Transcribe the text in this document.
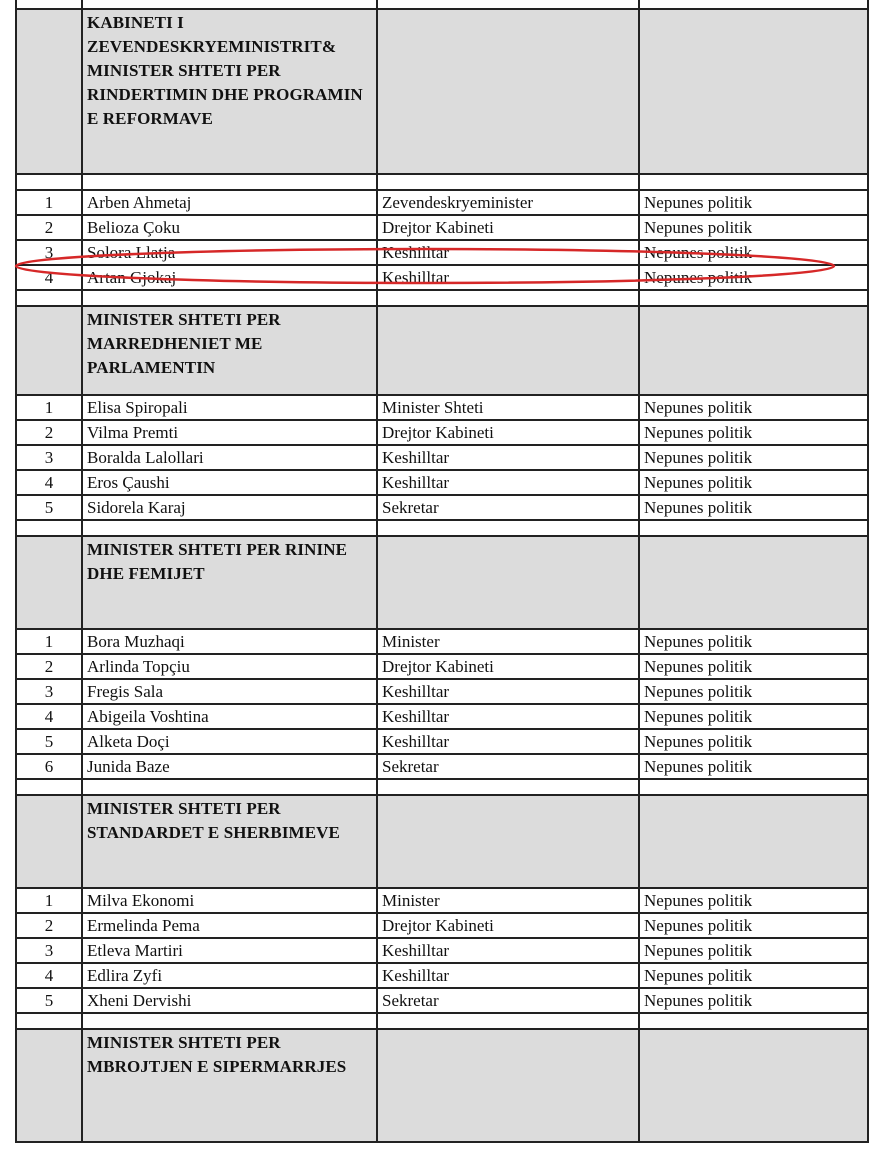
	KABINETI I ZEVENDESKRYEMINISTRIT& MINISTER SHTETI PER RINDERTIMIN DHE PROGRAMIN E REFORMAVE		

1	Arben Ahmetaj	Zevendeskryeminister	Nepunes politik
2	Belioza Çoku	Drejtor Kabineti	Nepunes politik
3	Solora Llatja	Keshilltar	Nepunes politik
4	Artan Gjokaj	Keshilltar	Nepunes politik

	MINISTER SHTETI PER MARREDHENIET ME PARLAMENTIN		
1	Elisa Spiropali	Minister Shteti	Nepunes politik
2	Vilma Premti	Drejtor Kabineti	Nepunes politik
3	Boralda Lalollari	Keshilltar	Nepunes politik
4	Eros Çaushi	Keshilltar	Nepunes politik
5	Sidorela Karaj	Sekretar	Nepunes politik

	MINISTER SHTETI PER RININE DHE FEMIJET		
1	Bora Muzhaqi	Minister	Nepunes politik
2	Arlinda Topçiu	Drejtor Kabineti	Nepunes politik
3	Fregis Sala	Keshilltar	Nepunes politik
4	Abigeila Voshtina	Keshilltar	Nepunes politik
5	Alketa Doçi	Keshilltar	Nepunes politik
6	Junida Baze	Sekretar	Nepunes politik

	MINISTER SHTETI PER STANDARDET E SHERBIMEVE		
1	Milva Ekonomi	Minister	Nepunes politik
2	Ermelinda Pema	Drejtor Kabineti	Nepunes politik
3	Etleva Martiri	Keshilltar	Nepunes politik
4	Edlira Zyfi	Keshilltar	Nepunes politik
5	Xheni Dervishi	Sekretar	Nepunes politik

	MINISTER SHTETI PER MBROJTJEN E SIPERMARRJES		
